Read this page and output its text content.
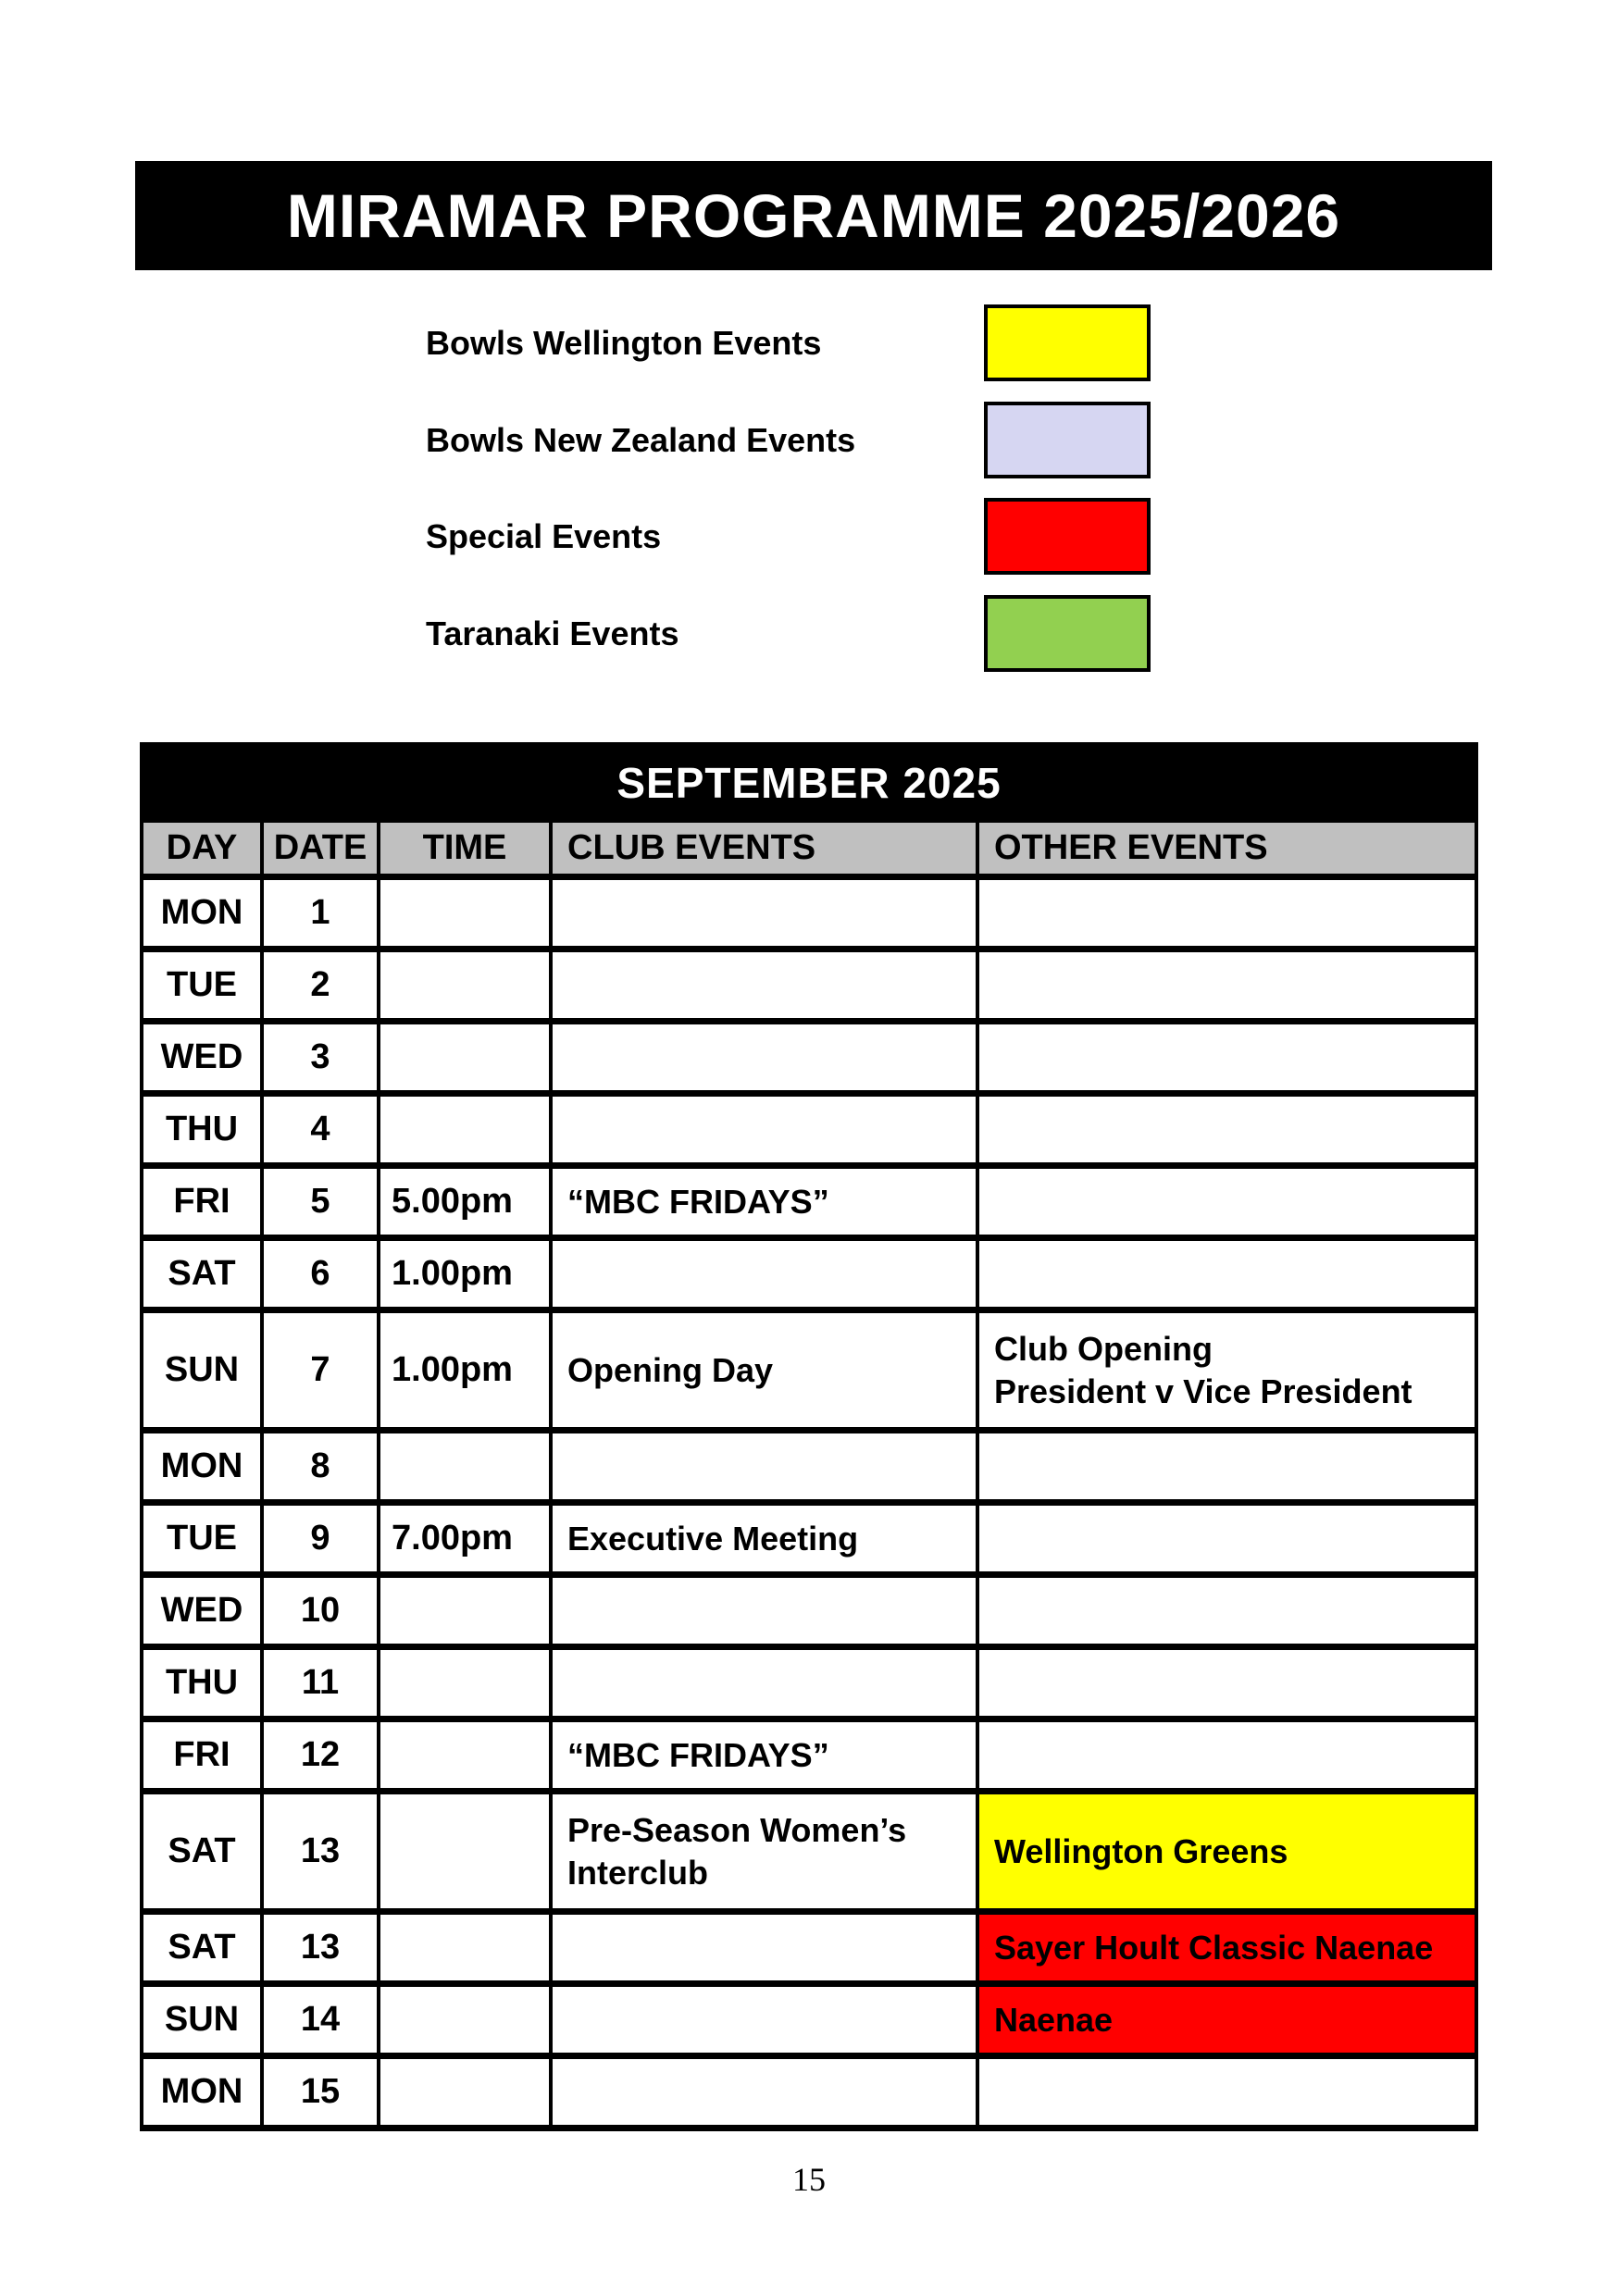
MIRAMAR PROGRAMME 2025/2026
Bowls Wellington Events
Bowls New Zealand Events
Special Events
Taranaki Events
SEPTEMBER 2025				
DAY	DATE	TIME	CLUB EVENTS	OTHER EVENTS
MON	1		

TUE	2		

WED	3		

THU	4		

FRI	5	5.00pm	“MBC FRIDAYS”	

SAT	6	1.00pm	

SUN	7	1.00pm	Opening Day	Club Opening
President v Vice President

MON	8		

TUE	9	7.00pm	Executive Meeting	

WED	10		

THU	11		

FRI	12		“MBC FRIDAYS”	

SAT	13		Pre-Season Women’s
Interclub	Wellington Greens

SAT	13			Sayer Hoult Classic Naenae

SUN	14			Naenae

MON	15		

15
